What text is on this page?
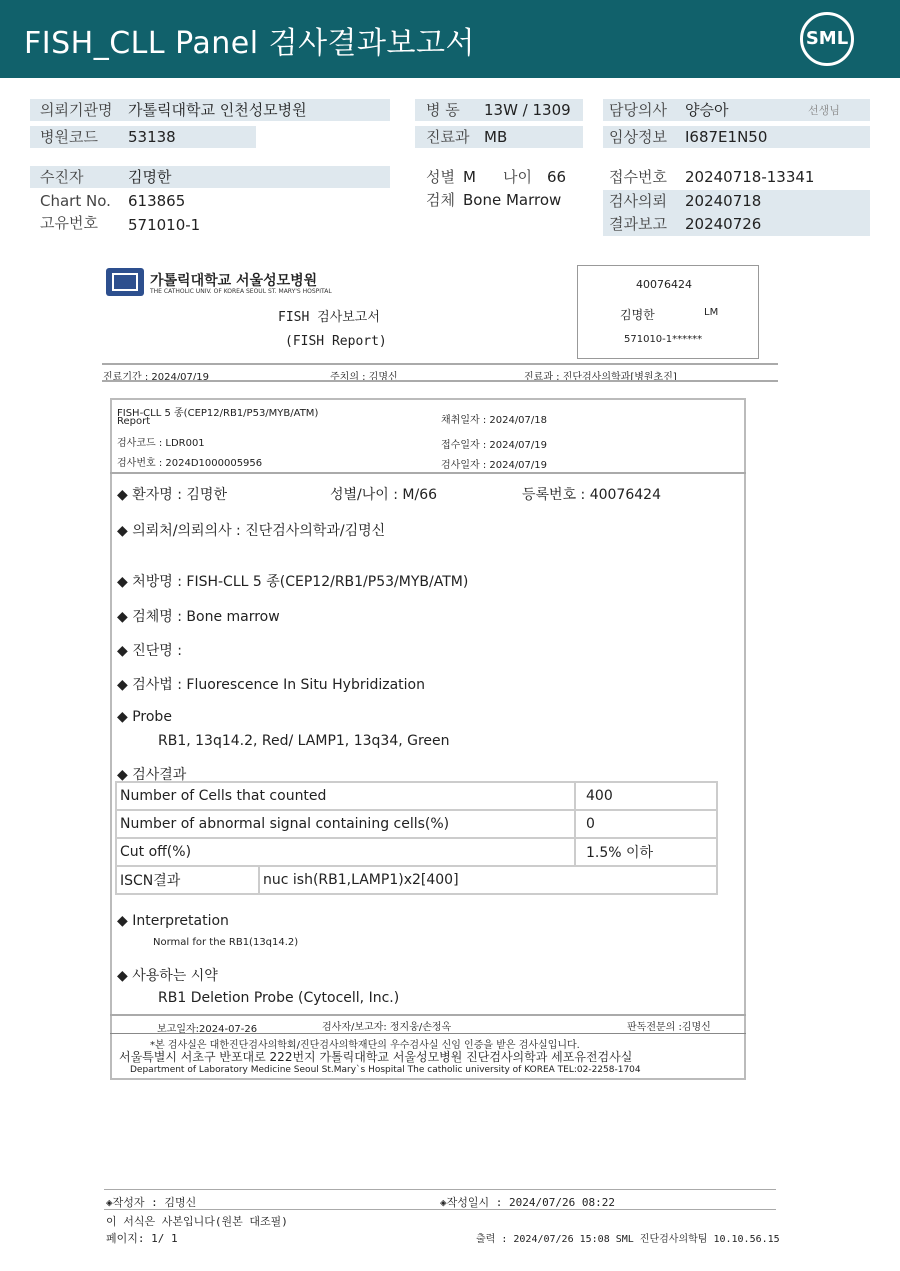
FISH_CLL Panel 검사결과보고서	SML
의뢰기관명 가톨릭대학교 인천성모병원
병원코드 53138
병 동 13W / 1309
진료과 MB
담당의사 양승아	선생님
임상정보 I687E1N50
수진자	김명한
Chart No. 613865
고유번호 571010-1
성별 M 나이 66
검체 Bone Marrow
접수번호 20240718-13341
검사의뢰 20240718
결과보고 20240726
가톨릭대학교 서울성모병원
THE CATHOLIC UNIV. OF KOREA SEOUL ST. MARY'S HOSPITAL
FISH 검사보고서
(FISH Report)
40076424
김명한	LM
571010-1******
진료기간 : 2024/07/19	주치의 : 김명신	진료과 : 진단검사의학과[병원초진]
FISH-CLL 5 종(CEP12/RB1/P53/MYB/ATM)
Report
검사코드 : LDR001
검사번호 : 2024D1000005956
채취일자 : 2024/07/18
접수일자 : 2024/07/19
검사일자 : 2024/07/19
◆ 환자명 : 김명한	성별/나이 : M/66	등록번호 : 40076424
◆ 의뢰처/의뢰의사 : 진단검사의학과/김명신
◆ 처방명 : FISH-CLL 5 종(CEP12/RB1/P53/MYB/ATM)
◆ 검체명 : Bone marrow
◆ 진단명 :
◆ 검사법 : Fluorescence In Situ Hybridization
◆ Probe
RB1, 13q14.2, Red/ LAMP1, 13q34, Green
◆ 검사결과
Number of Cells that counted		400
Number of abnormal signal containing cells(%)		0
Cut off(%)		1.5% 이하
ISCN결과	nuc ish(RB1,LAMP1)x2[400]	
◆ Interpretation
Normal for the RB1(13q14.2)
◆ 사용하는 시약
RB1 Deletion Probe (Cytocell, Inc.)
보고일자:2024-07-26	검사자/보고자: 정지웅/손정옥	판독전문의 :김명신
*본 검사실은 대한진단검사의학회/진단검사의학재단의 우수검사실 신임 인증을 받은 검사실입니다.
서울특별시 서초구 반포대로 222번지 가톨릭대학교 서울성모병원 진단검사의학과 세포유전검사실
Department of Laboratory Medicine Seoul St.Mary`s Hospital The catholic university of KOREA TEL:02-2258-1704
◈작성자 : 김명신	◈작성일시 : 2024/07/26 08:22
이 서식은 사본입니다(원본 대조필)
페이지: 1/ 1	출력 : 2024/07/26 15:08 SML 진단검사의학팀 10.10.56.15
